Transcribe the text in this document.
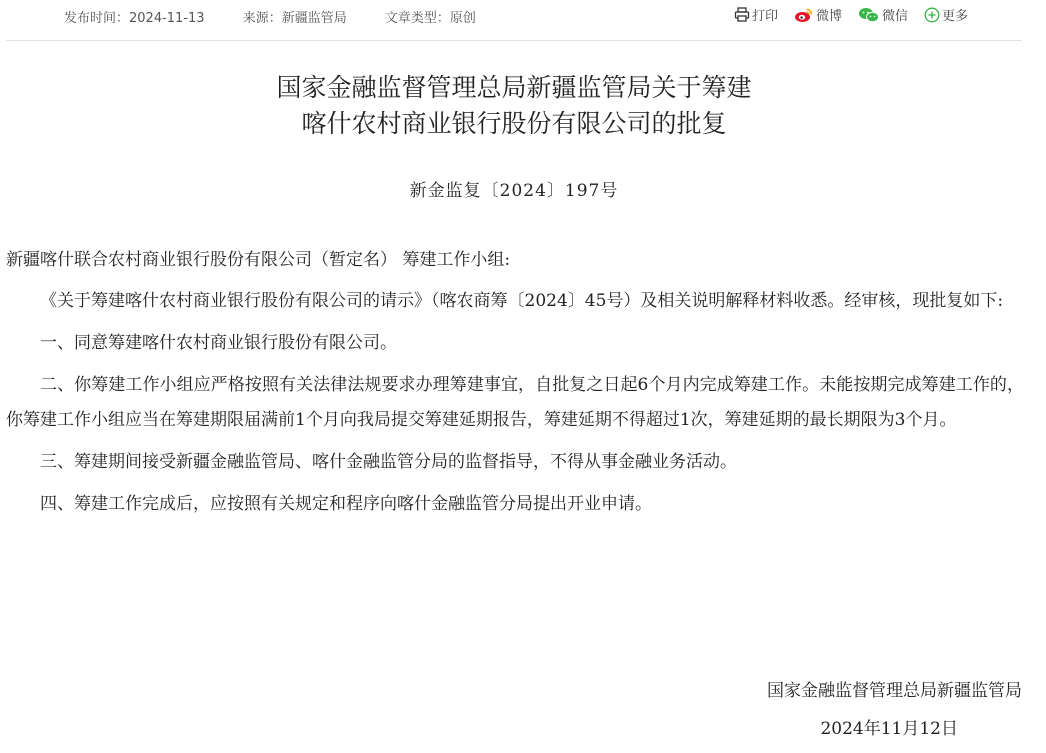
发布时间：2024-11-13	来源：新疆监管局	文章类型：原创	打印	微博	微信	更多
国家金融监督管理总局新疆监管局关于筹建
喀什农村商业银行股份有限公司的批复
新金监复〔2024〕197号

新疆喀什联合农村商业银行股份有限公司（暂定名） 筹建工作小组:

《关于筹建喀什农村商业银行股份有限公司的请示》（喀农商筹〔2024〕45号）及相关说明解释材料收悉。经审核，现批复如下:

一、同意筹建喀什农村商业银行股份有限公司。

二、你筹建工作小组应严格按照有关法律法规要求办理筹建事宜，自批复之日起6个月内完成筹建工作。未能按期完成筹建工作的，你筹建工作小组应当在筹建期限届满前1个月向我局提交筹建延期报告，筹建延期不得超过1次，筹建延期的最长期限为3个月。

三、筹建期间接受新疆金融监管局、喀什金融监管分局的监督指导，不得从事金融业务活动。

四、筹建工作完成后，应按照有关规定和程序向喀什金融监管分局提出开业申请。

国家金融监督管理总局新疆监管局
2024年11月12日
